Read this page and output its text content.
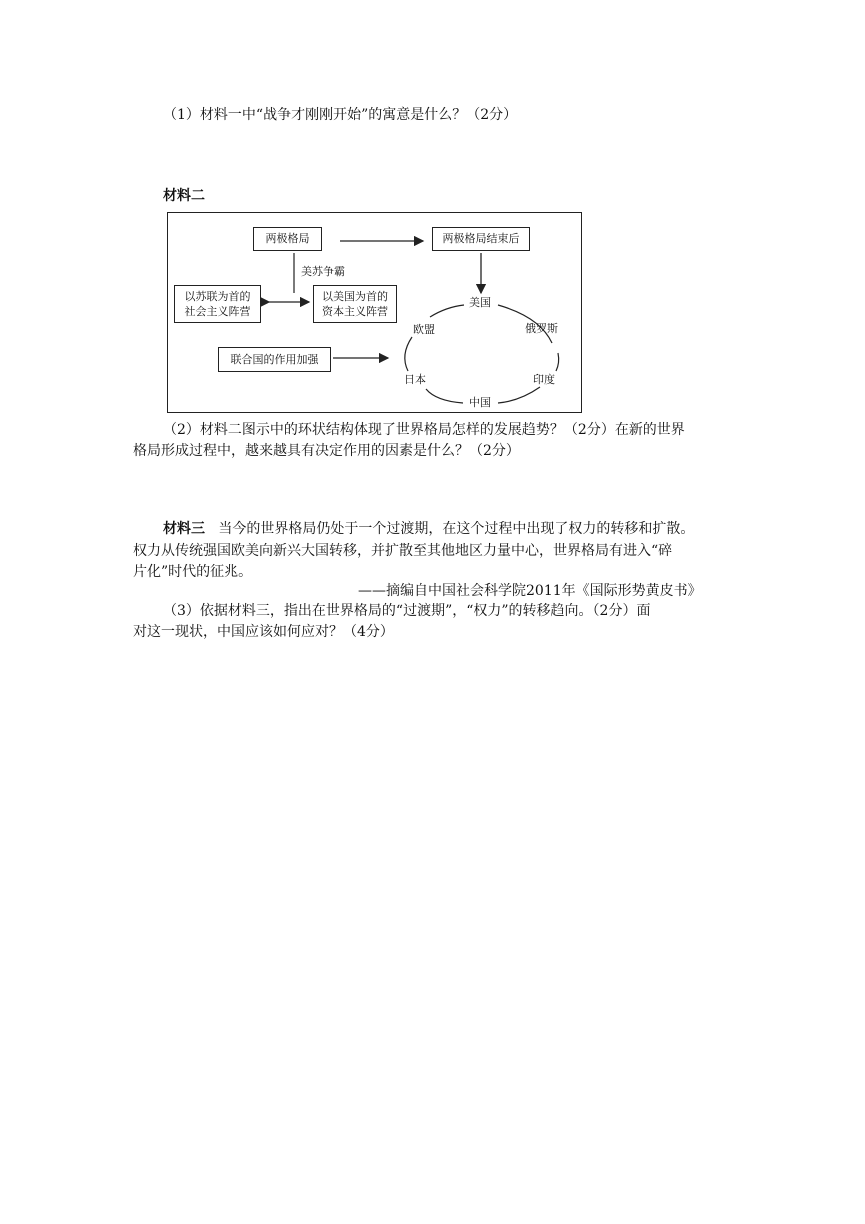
（1）材料一中“战争才刚刚开始”的寓意是什么？（2分）
材料二
两极格局	两极格局结束后
美苏争霸
以苏联为首的
社会主义阵营
以美国为首的
资本主义阵营
联合国的作用加强
美国
俄罗斯
印度
中国
日本
欧盟
（2）材料二图示中的环状结构体现了世界格局怎样的发展趋势？（2分）在新的世界
格局形成过程中，越来越具有决定作用的因素是什么？（2分）
材料三 当今的世界格局仍处于一个过渡期，在这个过程中出现了权力的转移和扩散。
权力从传统强国欧美向新兴大国转移，并扩散至其他地区力量中心，世界格局有进入“碎
片化”时代的征兆。
——摘编自中国社会科学院2011年《国际形势黄皮书》
（3）依据材料三，指出在世界格局的“过渡期”，“权力”的转移趋向。（2分）面
对这一现状，中国应该如何应对？（4分）
